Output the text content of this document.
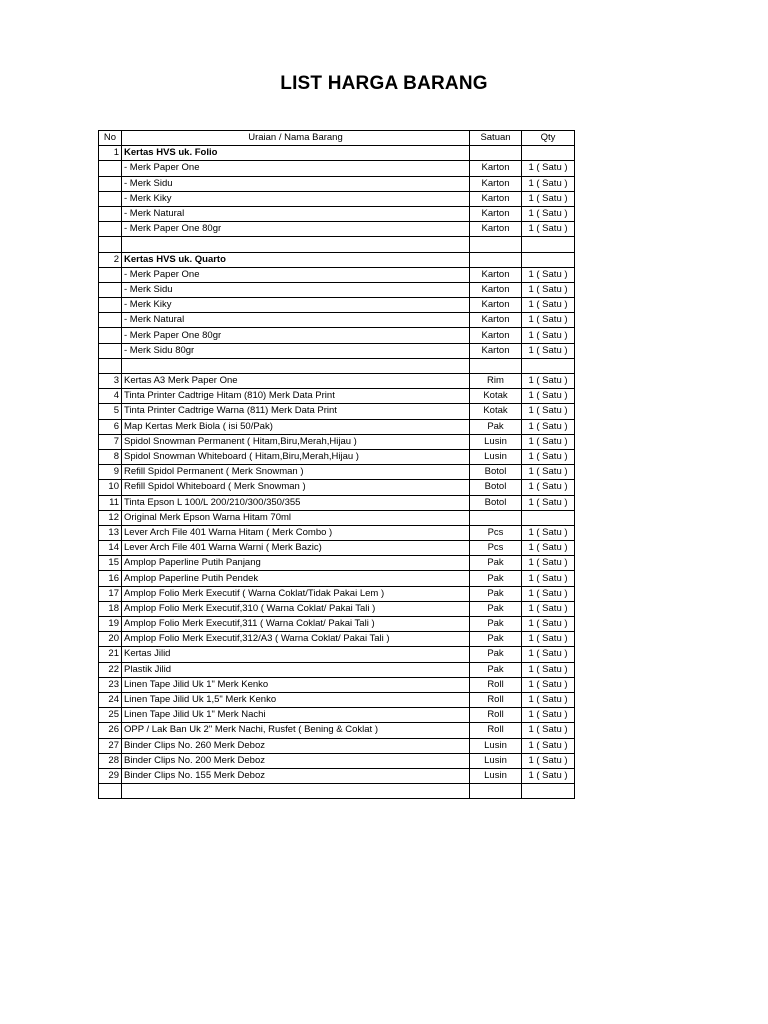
LIST HARGA BARANG
No	Uraian / Nama Barang	Satuan	Qty
1	Kertas HVS uk. Folio		
	- Merk Paper One	Karton	1 ( Satu )
	- Merk Sidu	Karton	1 ( Satu )
	- Merk Kiky	Karton	1 ( Satu )
	- Merk Natural	Karton	1 ( Satu )
	- Merk Paper One 80gr	Karton	1 ( Satu )

2	Kertas HVS uk. Quarto		
	- Merk Paper One	Karton	1 ( Satu )
	- Merk Sidu	Karton	1 ( Satu )
	- Merk Kiky	Karton	1 ( Satu )
	- Merk Natural	Karton	1 ( Satu )
	- Merk Paper One 80gr	Karton	1 ( Satu )
	- Merk Sidu 80gr	Karton	1 ( Satu )

3	Kertas A3 Merk Paper One	Rim	1 ( Satu )
4	Tinta Printer Cadtrige Hitam (810) Merk Data Print	Kotak	1 ( Satu )
5	Tinta Printer Cadtrige Warna (811) Merk Data Print	Kotak	1 ( Satu )
6	Map Kertas Merk Biola ( isi 50/Pak)	Pak	1 ( Satu )
7	Spidol Snowman Permanent ( Hitam,Biru,Merah,Hijau )	Lusin	1 ( Satu )
8	Spidol Snowman Whiteboard ( Hitam,Biru,Merah,Hijau )	Lusin	1 ( Satu )
9	Refill Spidol Permanent ( Merk Snowman )	Botol	1 ( Satu )
10	Refill Spidol Whiteboard ( Merk Snowman )	Botol	1 ( Satu )
11	Tinta Epson L 100/L 200/210/300/350/355	Botol	1 ( Satu )
12	Original Merk Epson Warna Hitam 70ml		
13	Lever Arch File 401 Warna Hitam ( Merk Combo )	Pcs	1 ( Satu )
14	Lever Arch File 401 Warna Warni ( Merk Bazic)	Pcs	1 ( Satu )
15	Amplop Paperline Putih Panjang	Pak	1 ( Satu )
16	Amplop Paperline Putih Pendek	Pak	1 ( Satu )
17	Amplop Folio Merk Executif ( Warna Coklat/Tidak Pakai Lem )	Pak	1 ( Satu )
18	Amplop Folio Merk Executif,310 ( Warna Coklat/ Pakai Tali )	Pak	1 ( Satu )
19	Amplop Folio Merk Executif,311 ( Warna Coklat/ Pakai Tali )	Pak	1 ( Satu )
20	Amplop Folio Merk Executif,312/A3 ( Warna Coklat/ Pakai Tali )	Pak	1 ( Satu )
21	Kertas Jilid	Pak	1 ( Satu )
22	Plastik Jilid	Pak	1 ( Satu )
23	Linen Tape Jilid Uk 1" Merk Kenko	Roll	1 ( Satu )
24	Linen Tape Jilid Uk 1,5" Merk Kenko	Roll	1 ( Satu )
25	Linen Tape Jilid Uk 1" Merk Nachi	Roll	1 ( Satu )
26	OPP / Lak Ban Uk 2" Merk Nachi, Rusfet ( Bening & Coklat )	Roll	1 ( Satu )
27	Binder Clips No. 260 Merk Deboz	Lusin	1 ( Satu )
28	Binder Clips No. 200 Merk Deboz	Lusin	1 ( Satu )
29	Binder Clips No. 155 Merk Deboz	Lusin	1 ( Satu )
